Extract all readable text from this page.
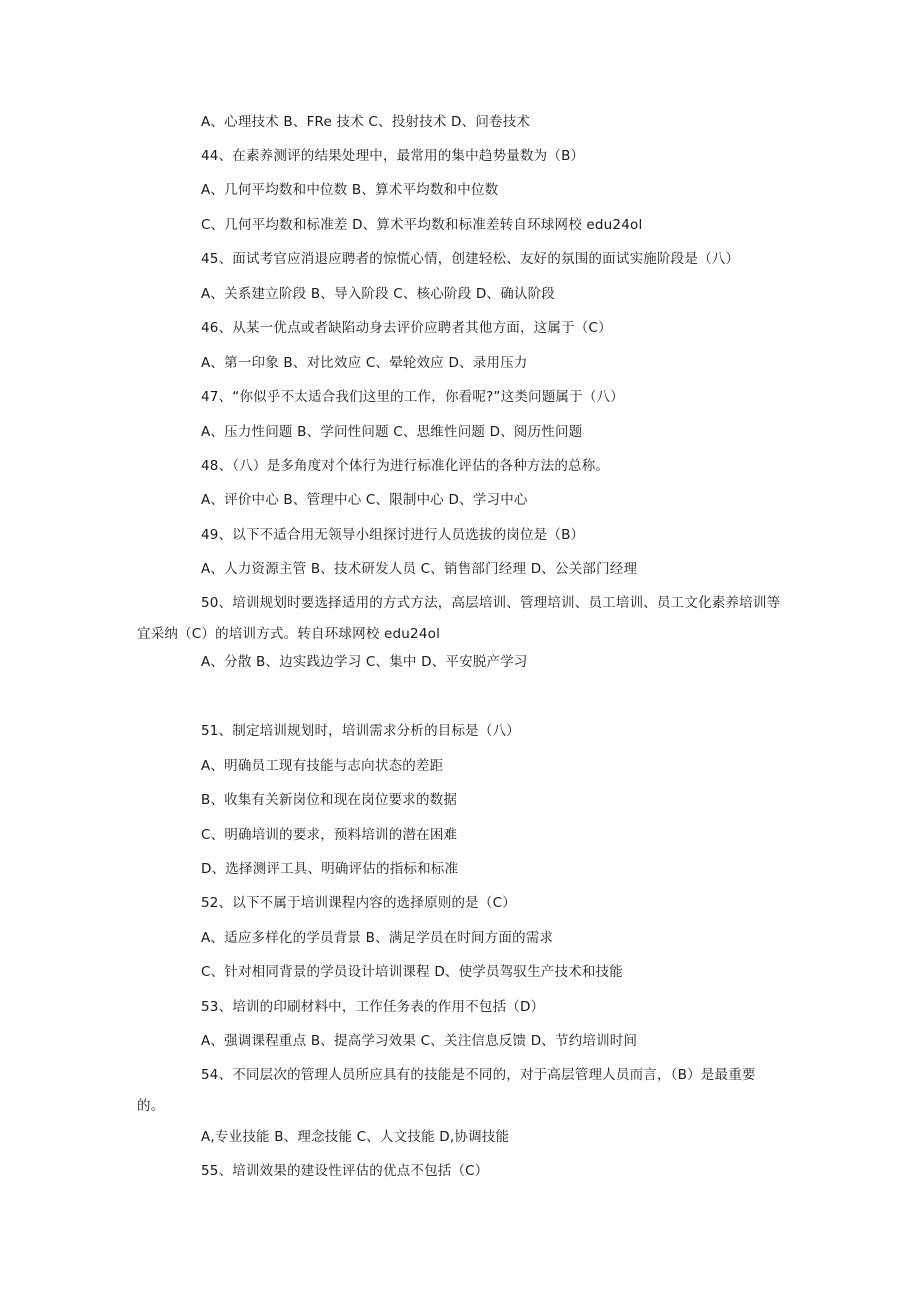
A、心理技术 B、FRe 技术 C、投射技术 D、问卷技术
44、在素养测评的结果处理中，最常用的集中趋势量数为（B）
A、几何平均数和中位数 B、算术平均数和中位数
C、几何平均数和标准差 D、算术平均数和标准差转自环球网校 edu24ol
45、面试考官应消退应聘者的惊慌心情，创建轻松、友好的氛围的面试实施阶段是（八）
A、关系建立阶段 B、导入阶段 C、核心阶段 D、确认阶段
46、从某一优点或者缺陷动身去评价应聘者其他方面，这属于（C）
A、第一印象 B、对比效应 C、晕轮效应 D、录用压力
47、“你似乎不太适合我们这里的工作，你看呢?”这类问题属于（八）
A、压力性问题 B、学问性问题 C、思维性问题 D、阅历性问题
48、（八）是多角度对个体行为进行标准化评估的各种方法的总称。
A、评价中心 B、管理中心 C、限制中心 D、学习中心
49、以下不适合用无领导小组探讨进行人员选拔的岗位是（B）
A、人力资源主管 B、技术研发人员 C、销售部门经理 D、公关部门经理
50、培训规划时要选择适用的方式方法，高层培训、管理培训、员工培训、员工文化素养培训等宜采纳（C）的培训方式。转自环球网校 edu24ol
A、分散 B、边实践边学习 C、集中 D、平安脱产学习
51、制定培训规划时，培训需求分析的目标是（八）
A、明确员工现有技能与志向状态的差距
B、收集有关新岗位和现在岗位要求的数据
C、明确培训的要求，预料培训的潜在困难
D、选择测评工具、明确评估的指标和标准
52、以下不属于培训课程内容的选择原则的是（C）
A、适应多样化的学员背景 B、满足学员在时间方面的需求
C、针对相同背景的学员设计培训课程 D、使学员驾驭生产技术和技能
53、培训的印刷材料中，工作任务表的作用不包括（D）
A、强调课程重点 B、提高学习效果 C、关注信息反馈 D、节约培训时间
54、不同层次的管理人员所应具有的技能是不同的，对于高层管理人员而言，（B）是最重要的。
A,专业技能 B、理念技能 C、人文技能 D,协调技能
55、培训效果的建设性评估的优点不包括（C）
